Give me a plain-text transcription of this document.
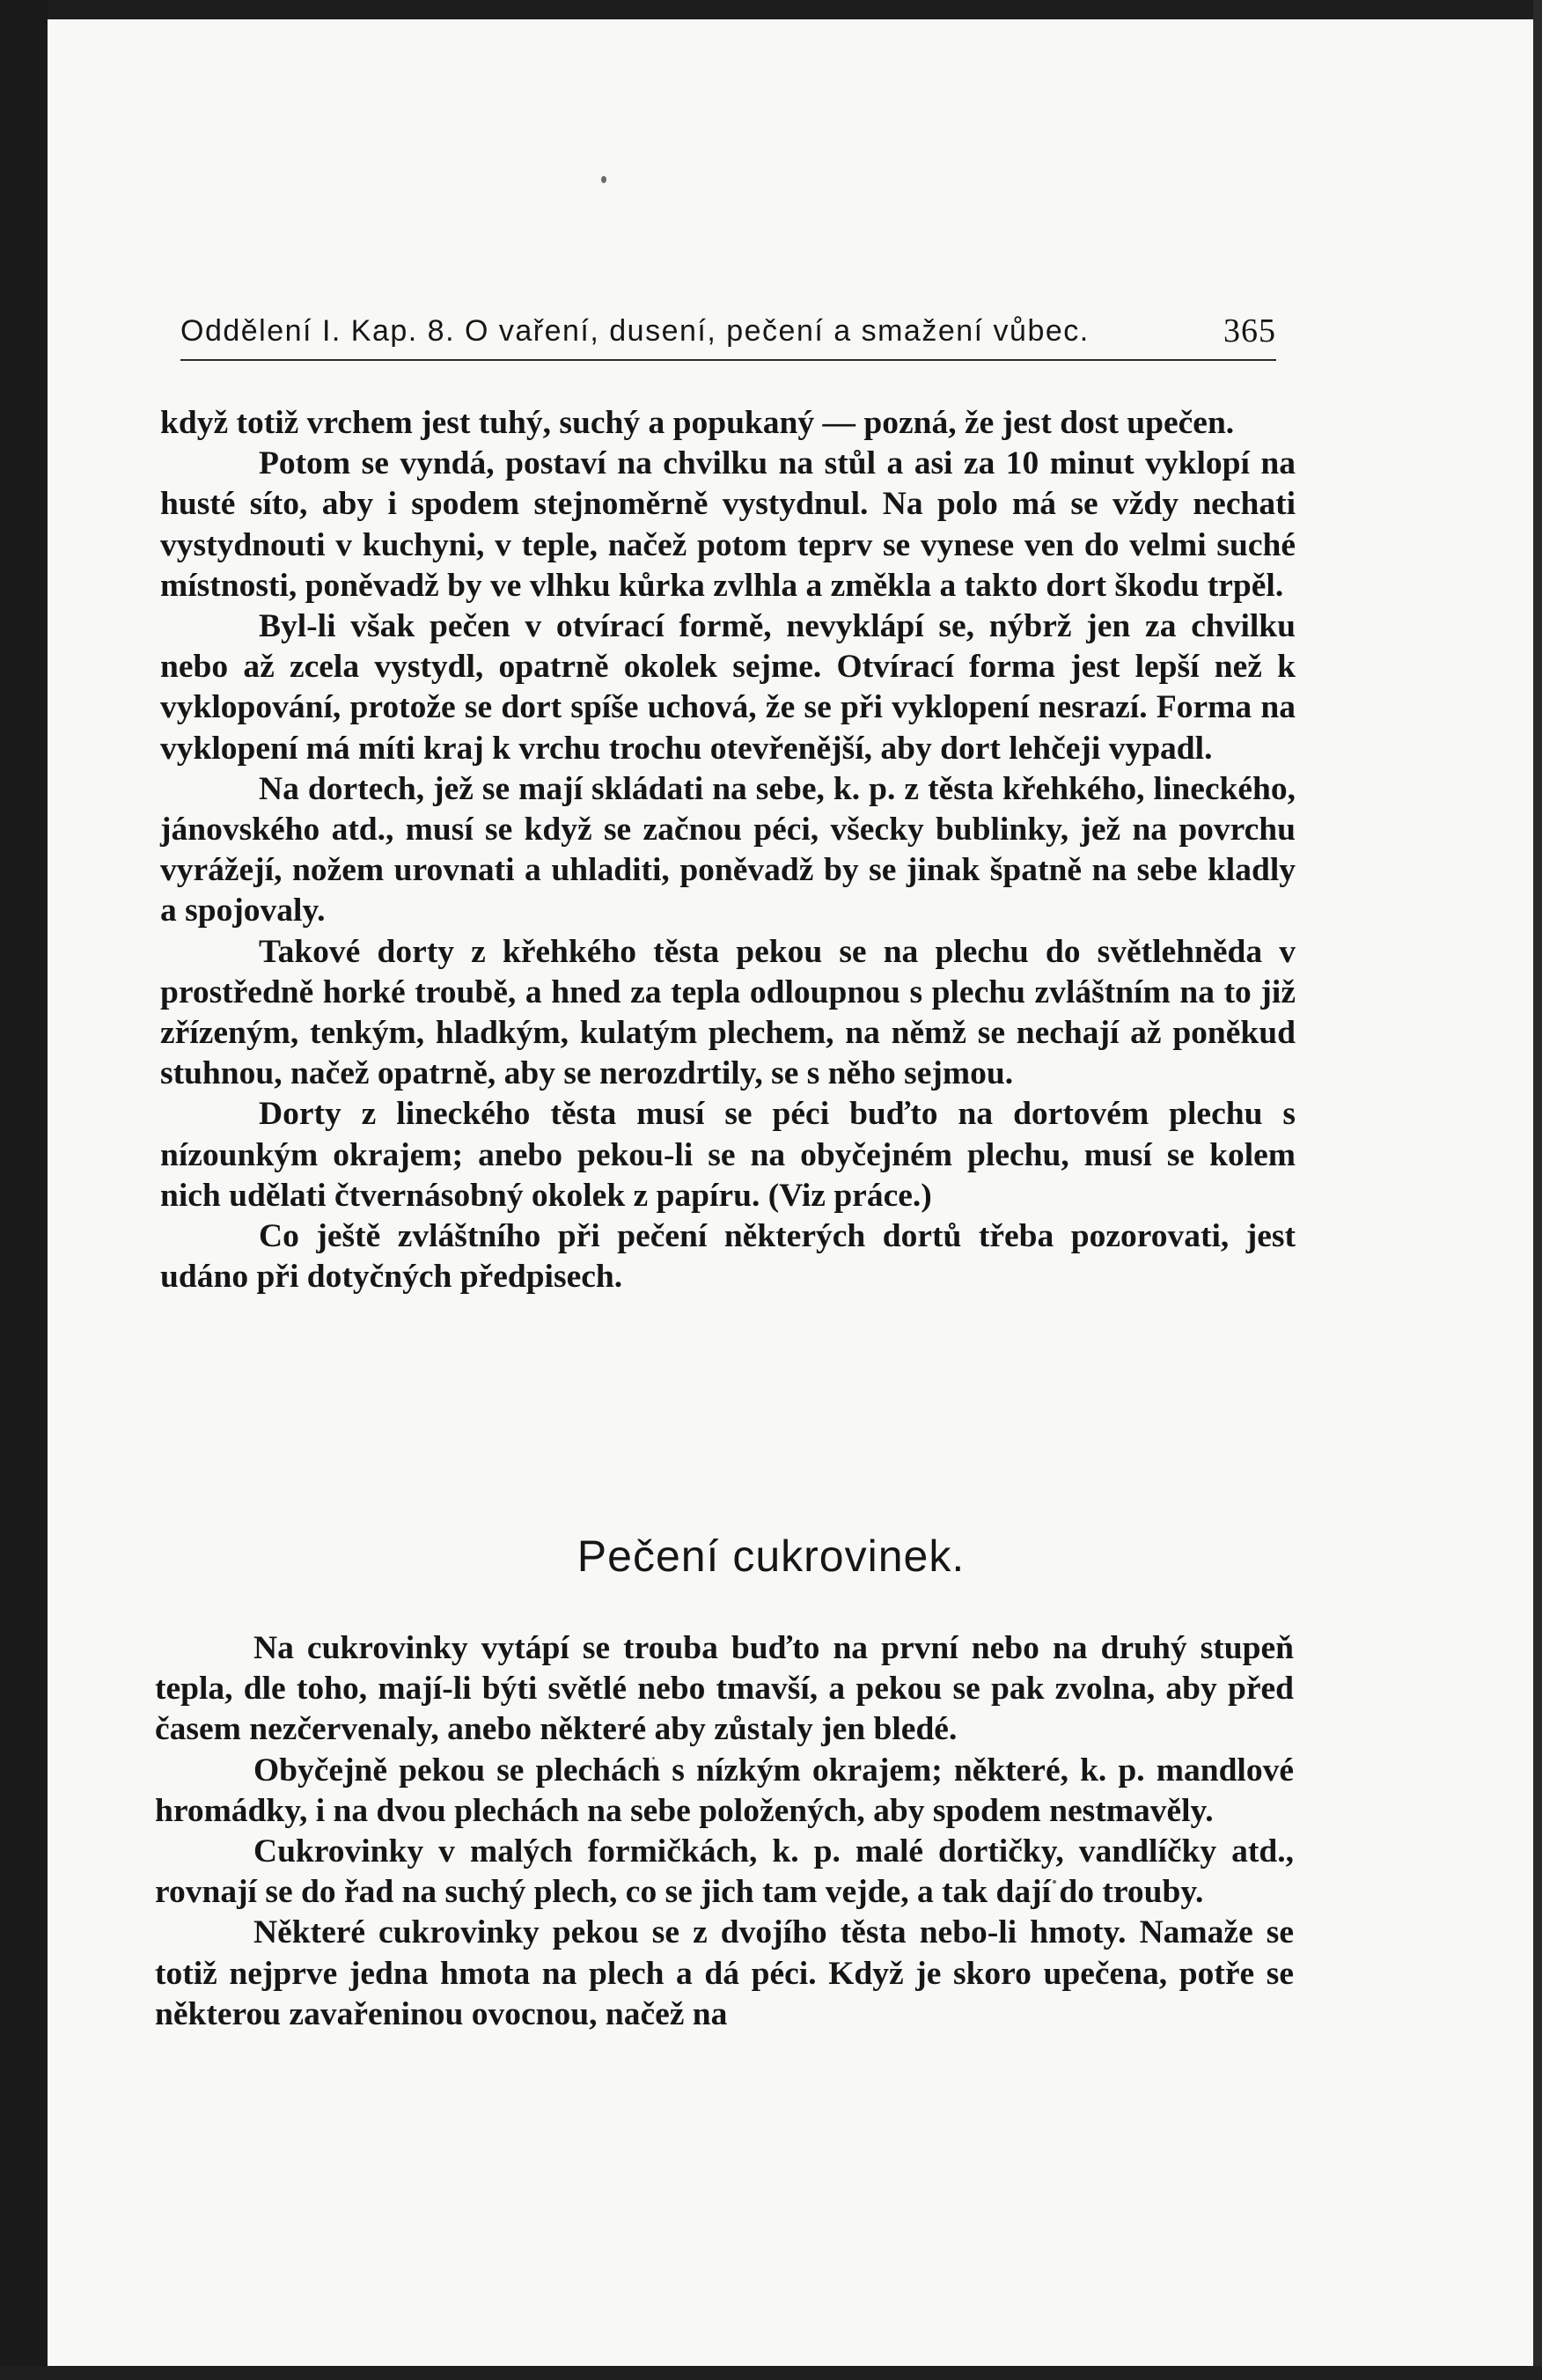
Oddělení I. Kap. 8. O vaření, dusení, pečení a smažení vůbec.	365

když totiž vrchem jest tuhý, suchý a popukaný — pozná, že jest dost upečen.

Potom se vyndá, postaví na chvilku na stůl a asi za 10 minut vyklopí na husté síto, aby i spodem stejnoměrně vystydnul. Na polo má se vždy nechati vystydnouti v kuchyni, v teple, načež potom teprv se vynese ven do velmi suché místnosti, poněvadž by ve vlhku kůrka zvlhla a změkla a takto dort škodu trpěl.

Byl-li však pečen v otvírací formě, nevyklápí se, nýbrž jen za chvilku nebo až zcela vystydl, opatrně okolek sejme. Otvírací forma jest lepší než k vyklopování, protože se dort spíše uchová, že se při vyklopení nesrazí. Forma na vyklopení má míti kraj k vrchu trochu otevřenější, aby dort lehčeji vypadl.

Na dortech, jež se mají skládati na sebe, k. p. z těsta křehkého, lineckého, jánovského atd., musí se když se začnou péci, všecky bublinky, jež na povrchu vyrážejí, nožem urovnati a uhladiti, poněvadž by se jinak špatně na sebe kladly a spojovaly.

Takové dorty z křehkého těsta pekou se na plechu do světlehněda v prostředně horké troubě, a hned za tepla odloupnou s plechu zvláštním na to již zřízeným, tenkým, hladkým, kulatým plechem, na němž se nechají až poněkud stuhnou, načež opatrně, aby se nerozdrtily, se s něho sejmou.

Dorty z lineckého těsta musí se péci buďto na dortovém plechu s nízounkým okrajem; anebo pekou-li se na obyčejném plechu, musí se kolem nich udělati čtvernásobný okolek z papíru. (Viz práce.)

Co ještě zvláštního při pečení některých dortů třeba pozorovati, jest udáno při dotyčných předpisech.

Pečení cukrovinek.

Na cukrovinky vytápí se trouba buďto na první nebo na druhý stupeň tepla, dle toho, mají-li býti světlé nebo tmavší, a pekou se pak zvolna, aby před časem nezčervenaly, anebo některé aby zůstaly jen bledé.

Obyčejně pekou se plechách s nízkým okrajem; některé, k. p. mandlové hromádky, i na dvou plechách na sebe položených, aby spodem nestmavěly.

Cukrovinky v malých formičkách, k. p. malé dortičky, vandlíčky atd., rovnají se do řad na suchý plech, co se jich tam vejde, a tak dají do trouby.

Některé cukrovinky pekou se z dvojího těsta nebo-li hmoty. Namaže se totiž nejprve jedna hmota na plech a dá péci. Když je skoro upečena, potře se některou zavařeninou ovocnou, načež na
